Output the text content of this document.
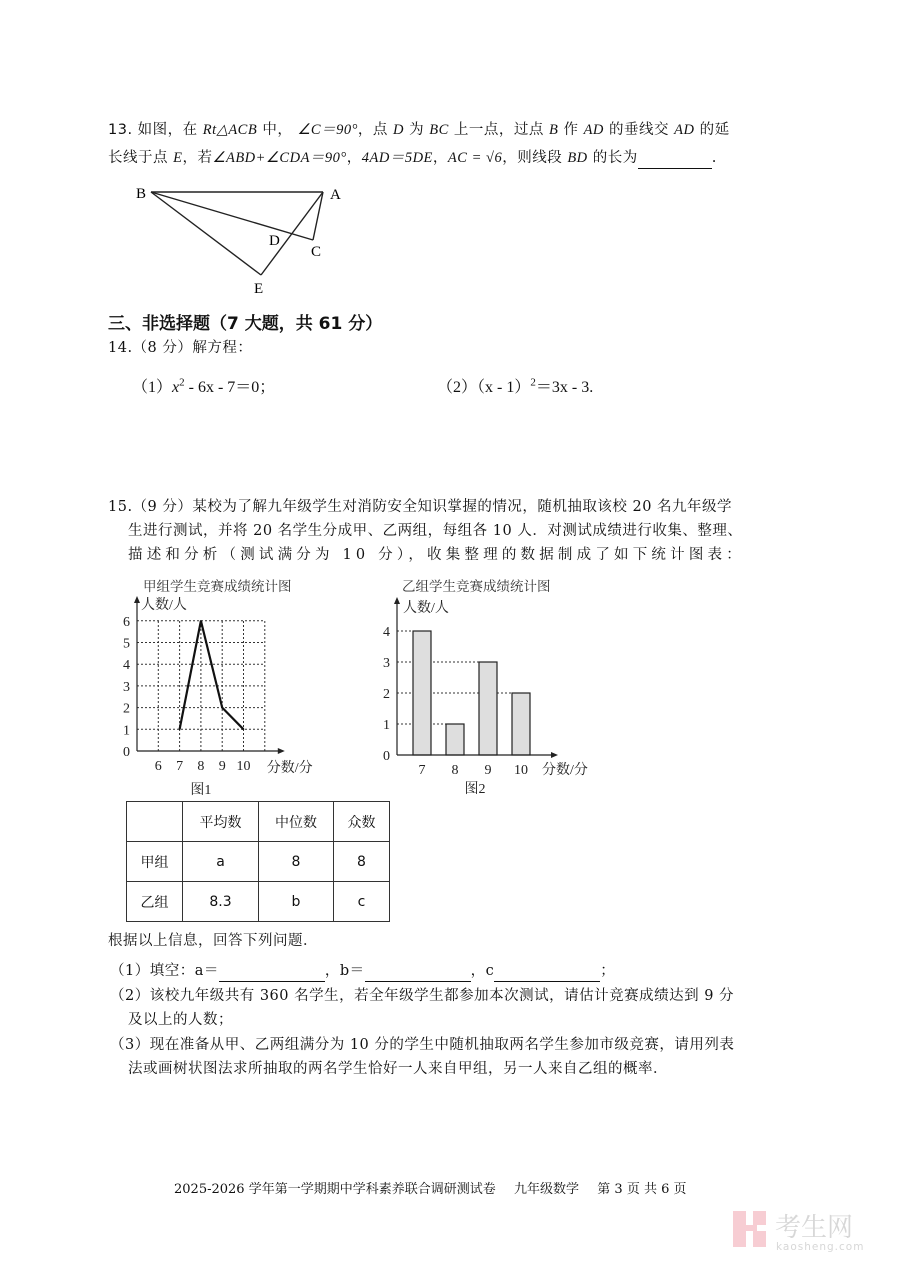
13. 如图，在 Rt△ACB 中， ∠C＝90°，点 D 为 BC 上一点，过点 B 作 AD 的垂线交 AD 的延
长线于点 E，若∠ABD+∠CDA＝90°，4AD＝5DE，AC = √6，则线段 BD 的长为	.
B	A
D
C
E
三、非选择题（7 大题，共 61 分）
14.（8 分）解方程：
$(1)x^2 - 6x - 7=0$；	（2）（x - 1）$^2$＝3x - 3.
15.（9 分）某校为了解九年级学生对消防安全知识掌握的情况，随机抽取该校 20 名九年级学
生进行测试，并将 20 名学生分成甲、乙两组，每组各 10 人．对测试成绩进行收集、整理、
描述和分析（测试满分为 10 分），收集整理的数据制成了如下统计图表：
甲组学生竞赛成绩统计图
0
1
2
3
4
5
6
6 7 8 9 10
人数/人
分数/分
图1
乙组学生竞赛成绩统计图
0
1
2
3
4
7 8 9 10
人数/人
分数/分
图2
	平均数	中位数	众数
甲组	a	8	8
乙组	8.3	b	c
根据以上信息，回答下列问题．
（1）填空：a＝	，b＝	，c	；
（2）该校九年级共有 360 名学生，若全年级学生都参加本次测试，请估计竞赛成绩达到 9 分
及以上的人数；
（3）现在准备从甲、乙两组满分为 10 分的学生中随机抽取两名学生参加市级竞赛，请用列表
法或画树状图法求所抽取的两名学生恰好一人来自甲组，另一人来自乙组的概率．
2025-2026 学年第一学期期中学科素养联合调研测试卷 九年级数学 第 3 页 共 6 页
考生网
kaosheng.com
